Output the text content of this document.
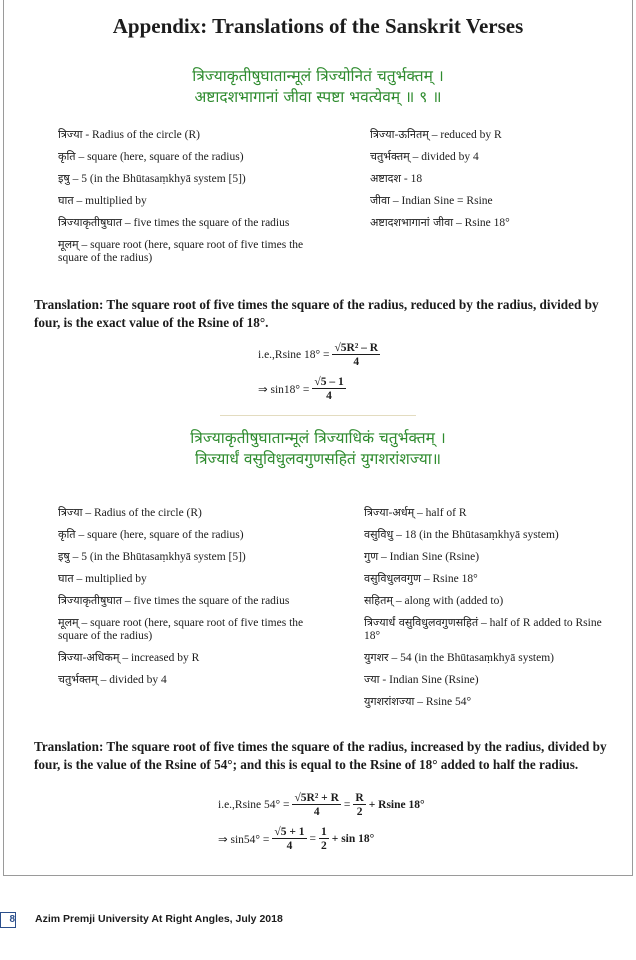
Appendix: Translations of the Sanskrit Verses
त्रिज्याकृतीषुघातान्मूलं त्रिज्योनितं चतुर्भक्तम् ।
अष्टादशभागानां जीवा स्पष्टा भवत्येवम् ॥ ९ ॥
त्रिज्या - Radius of the circle (R)
कृति – square (here, square of the radius)
इषु – 5 (in the Bhūtasaṃkhyā system [5])
घात – multiplied by
त्रिज्याकृतीषुघात – five times the square of the radius
मूलम् – square root (here, square root of five times the square of the radius)
त्रिज्या-ऊनितम् – reduced by R
चतुर्भक्तम् – divided by 4
अष्टादश - 18
जीवा – Indian Sine = Rsine
अष्टादशभागानां जीवा – Rsine 18°
Translation: The square root of five times the square of the radius, reduced by the radius, divided by four, is the exact value of the Rsine of 18°.
i.e.,Rsine $18^\circ = \frac{\text{√5R² – R}}{4}$
⇒ $\sin 18^\circ = \frac{√5 - 1}{4}$
त्रिज्याकृतीषुघातान्मूलं त्रिज्याधिकं चतुर्भक्तम् ।
त्रिज्यार्धं वसुविधुलवगुणसहितं युगशरांशज्या॥
त्रिज्या – Radius of the circle (R)
कृति – square (here, square of the radius)
इषु – 5 (in the Bhūtasaṃkhyā system [5])
घात – multiplied by
त्रिज्याकृतीषुघात – five times the square of the radius
मूलम् – square root (here, square root of five times the square of the radius)
त्रिज्या-अधिकम् – increased by R
चतुर्भक्तम् – divided by 4
त्रिज्या-अर्धम् – half of R
वसुविधु – 18 (in the Bhūtasaṃkhyā system)
गुण – Indian Sine (Rsine)
वसुविधुलवगुण – Rsine 18°
सहितम् – along with (added to)
त्रिज्यार्धं वसुविधुलवगुणसहितं – half of R added to Rsine 18°
युगशर – 54 (in the Bhūtasaṃkhyā system)
ज्या - Indian Sine (Rsine)
युगशरांशज्या – Rsine 54°
Translation: The square root of five times the square of the radius, increased by the radius, divided by four, is the value of the Rsine of 54°; and this is equal to the Rsine of 18° added to half the radius.
i.e.,Rsine $54^\circ = \frac{\text{√5R² + R}}{4} = \frac{R}{2} + Rsine$ 18°
⇒ $\sin 54^\circ = \frac{√5 + 1}{4} = \frac{1}{2} + \sin 18^\circ$
8 Azim Premji University At Right Angles, July 2018
